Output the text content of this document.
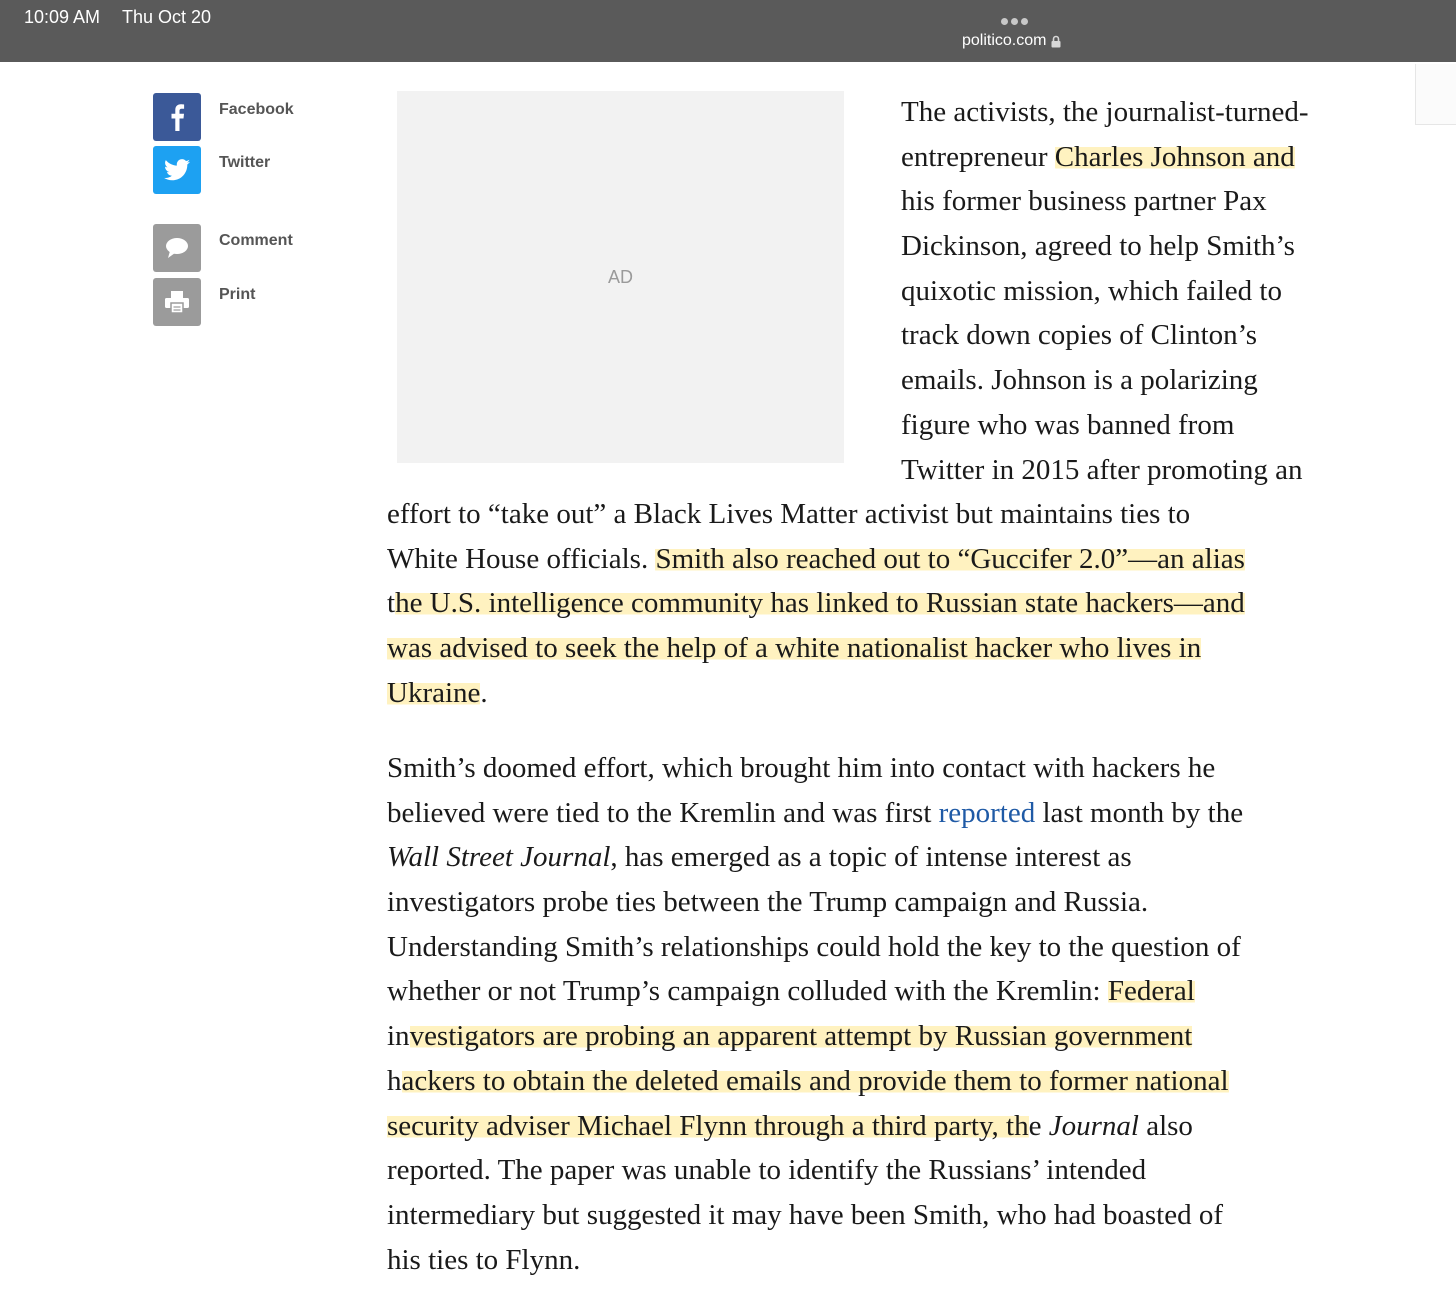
10:09 AM Thu Oct 20
politico.com
Facebook
Twitter
Comment
Print
AD
The activists, the journalist-turned-
entrepreneur Charles Johnson and
his former business partner Pax
Dickinson, agreed to help Smith’s
quixotic mission, which failed to
track down copies of Clinton’s
emails. Johnson is a polarizing
figure who was banned from
Twitter in 2015 after promoting an
effort to “take out” a Black Lives Matter activist but maintains ties to
White House officials. Smith also reached out to “Guccifer 2.0”—an alias
the U.S. intelligence community has linked to Russian state hackers—and
was advised to seek the help of a white nationalist hacker who lives in
Ukraine.
Smith’s doomed effort, which brought him into contact with hackers he
believed were tied to the Kremlin and was first reported last month by the
Wall Street Journal, has emerged as a topic of intense interest as
investigators probe ties between the Trump campaign and Russia.
Understanding Smith’s relationships could hold the key to the question of
whether or not Trump’s campaign colluded with the Kremlin: Federal
investigators are probing an apparent attempt by Russian government
hackers to obtain the deleted emails and provide them to former national
security adviser Michael Flynn through a third party, the Journal also
reported. The paper was unable to identify the Russians’ intended
intermediary but suggested it may have been Smith, who had boasted of
his ties to Flynn.
